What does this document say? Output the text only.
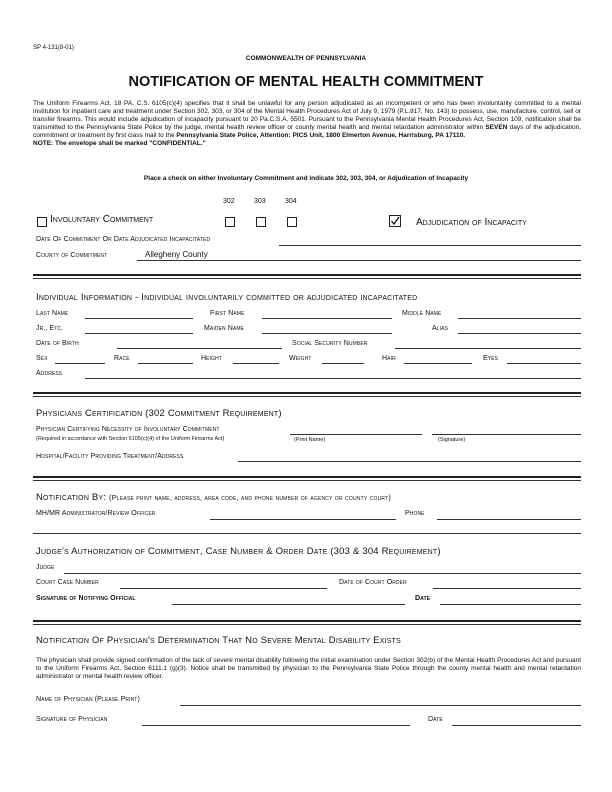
SP 4-131(8-01)
COMMONWEALTH OF PENNSYLVANIA
NOTIFICATION OF MENTAL HEALTH COMMITMENT
The Uniform Firearms Act, 18 PA. C.S. 6105(c)(4) specifies that it shall be unlawful for any person adjudicated as an incompetent or who has been involuntarily committed to a mental institution for inpatient care and treatment under Section 302, 303, or 304 of the Mental Health Procedures Act of July 9, 1979 (P.L.817, No. 143) to possess, use, manufacture, control, sell or transfer firearms. This would include adjudication of incapacity pursuant to 20 Pa.C.S.A. 5501. Pursuant to the Pennsylvania Mental Health Procedures Act, Section 109, notification shall be transmitted to the Pennsylvania State Police by the judge, mental health review officer or county mental health and mental retardation administrator within SEVEN days of the adjudication, commitment or treatment by first class mail to the Pennsylvania State Police, Attention: PICS Unit, 1800 Elmerton Avenue, Harrisburg, PA 17110.
NOTE: The envelope shall be marked "CONFIDENTIAL."
Place a check on either Involuntary Commitment and indicate 302, 303, 304, or Adjudication of Incapacity
302	303	304
Involuntary Commitment	Adjudication of Incapacity
Date Of Commitment Or Date Adjudicated Incapacitated
County of Commitment	Allegheny County
Individual Information - Individual involuntarily committed or adjudicated incapacitated
Last Name	First Name	Middle Name
Jr., Etc.	Maiden Name	Alias
Date of Birth	Social Security Number
Sex	Race	Height	Weight	Hair	Eyes
Address
Physicians Certification (302 Commitment Requirement)
Physician Certifying Necessity of Involuntary Commitment
(Required in accordance with Section 6105(c)(4) of the Uniform Firearms Act)	(Print Name)	(Signature)
Hospital/Facility Providing Treatment/Address
Notification By: (Please print name, address, area code, and phone number of agency or county court)
MH/MR Administrator/Review Officer	Phone
Judge's Authorization of Commitment, Case Number & Order Date (303 & 304 Requirement)
Judge
Court Case Number	Date of Court Order
Signature of Notifying Official	Date
Notification Of Physician's Determination That No Severe Mental Disability Exists
The physician shall provide signed confirmation of the lack of severe mental disability following the initial examination under Section 302(b) of the Mental Health Procedures Act and pursuant to the Uniform Firearms Act, Section 6111.1 (g)(3). Notice shall be transmitted by physician to the Pennsylvania State Police through the county mental health and mental retardation administrator or mental health review officer.
Name of Physician (Please Print)
Signature of Physician	Date
